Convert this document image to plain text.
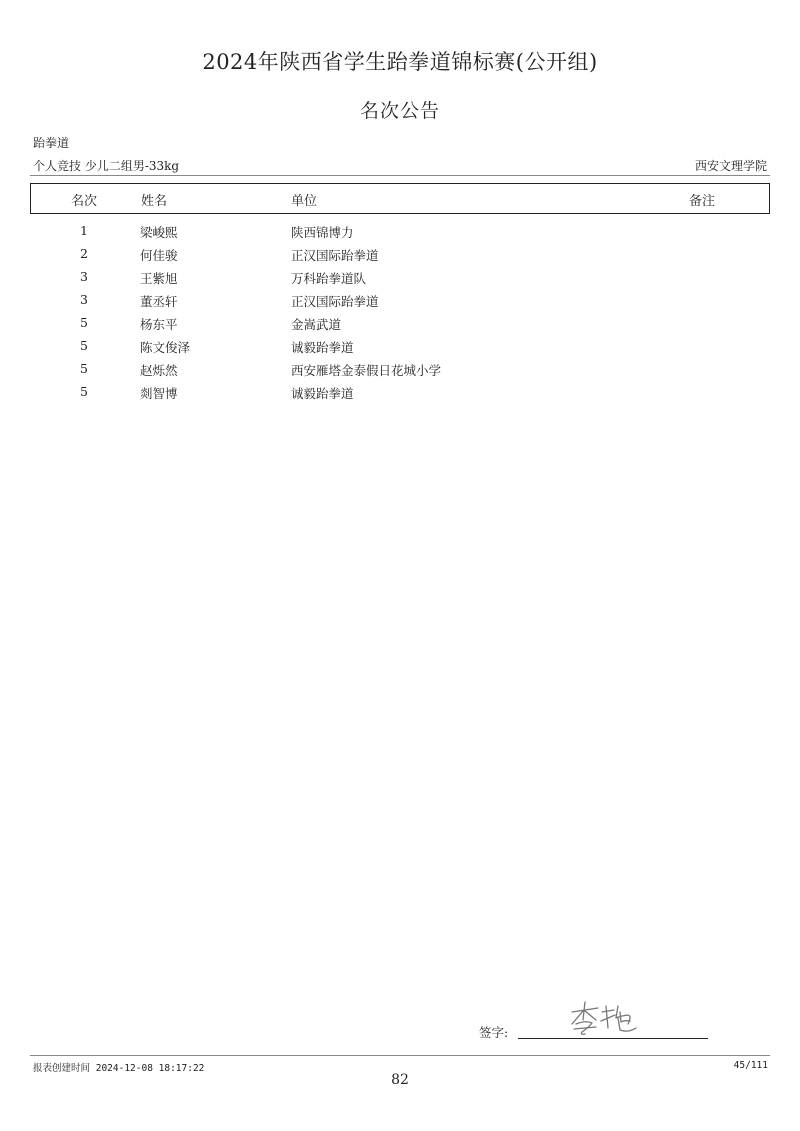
2024年陕西省学生跆拳道锦标赛(公开组)
名次公告
跆拳道
个人竞技 少儿二组男-33kg	西安文理学院
名次	姓名	单位	备注
1	梁峻熙	陕西锦博力
2	何佳骏	正汉国际跆拳道
3	王紫旭	万科跆拳道队
3	董丞轩	正汉国际跆拳道
5	杨东平	金嵩武道
5	陈文俊泽	诚毅跆拳道
5	赵烁然	西安雁塔金泰假日花城小学
5	剡智博	诚毅跆拳道
签字:
报表创建时间 2024-12-08 18:17:22	45/111
82
